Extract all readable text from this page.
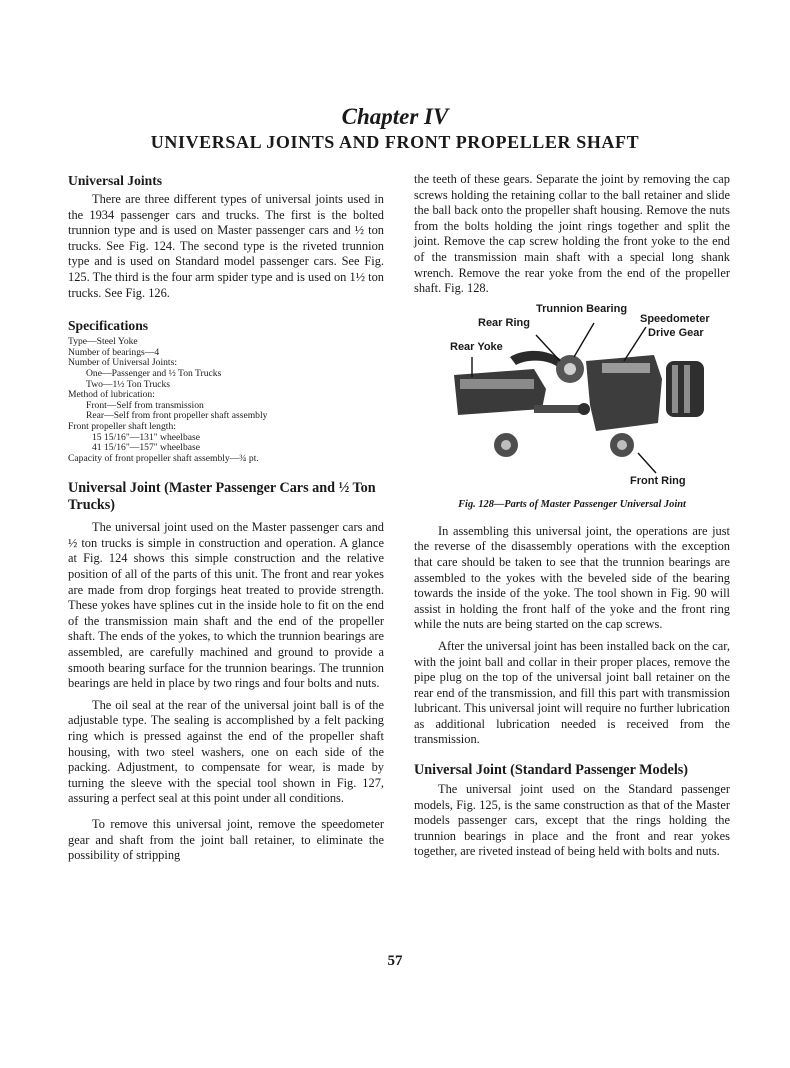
Chapter IV
UNIVERSAL JOINTS AND FRONT PROPELLER SHAFT
Universal Joints

There are three different types of universal joints used in the 1934 passenger cars and trucks. The first is the bolted trunnion type and is used on Master passenger cars and ½ ton trucks. See Fig. 124. The second type is the riveted trunnion type and is used on Standard model passenger cars. See Fig. 125. The third is the four arm spider type and is used on 1½ ton trucks. See Fig. 126.

Specifications
Type—Steel Yoke
Number of bearings—4
Number of Universal Joints:
One—Passenger and ½ Ton Trucks
Two—1½ Ton Trucks
Method of lubrication:
Front—Self from transmission
Rear—Self from front propeller shaft assembly
Front propeller shaft length:
15 15/16"—131" wheelbase
41 15/16"—157" wheelbase
Capacity of front propeller shaft assembly—¾ pt.
Universal Joint (Master Passenger Cars and ½ Ton Trucks)

The universal joint used on the Master passenger cars and ½ ton trucks is simple in construction and operation. A glance at Fig. 124 shows this simple construction and the relative position of all of the parts of this unit. The front and rear yokes are made from drop forgings heat treated to provide strength. These yokes have splines cut in the inside hole to fit on the end of the transmission main shaft and the end of the propeller shaft. The ends of the yokes, to which the trunnion bearings are assembled, are carefully machined and ground to provide a smooth bearing surface for the trunnion bearings. The trunnion bearings are held in place by two rings and four bolts and nuts.

The oil seal at the rear of the universal joint ball is of the adjustable type. The sealing is accomplished by a felt packing ring which is pressed against the end of the propeller shaft housing, with two steel washers, one on each side of the packing. Adjustment, to compensate for wear, is made by turning the sleeve with the special tool shown in Fig. 127, assuring a perfect seal at this point under all conditions.

To remove this universal joint, remove the speedometer gear and shaft from the joint ball retainer, to eliminate the possibility of stripping

the teeth of these gears. Separate the joint by removing the cap screws holding the retaining collar to the ball retainer and slide the ball back onto the propeller shaft housing. Remove the nuts from the bolts holding the joint rings together and split the joint. Remove the cap screw holding the front yoke to the end of the transmission main shaft with a special long shank wrench. Remove the rear yoke from the end of the propeller shaft. Fig. 128.

Trunnion Bearing
Rear Ring	Speedometer
Drive Gear
Rear Yoke
Front Ring
Fig. 128—Parts of Master Passenger Universal Joint

In assembling this universal joint, the operations are just the reverse of the disassembly operations with the exception that care should be taken to see that the trunnion bearings are assembled to the yokes with the beveled side of the bearing towards the inside of the yoke. The tool shown in Fig. 90 will assist in holding the front half of the yoke and the front ring while the nuts are being started on the cap screws.

After the universal joint has been installed back on the car, with the joint ball and collar in their proper places, remove the pipe plug on the top of the universal joint ball retainer on the rear end of the transmission, and fill this part with transmission lubricant. This universal joint will require no further lubrication as additional lubrication needed is received from the transmission.

Universal Joint (Standard Passenger Models)

The universal joint used on the Standard passenger models, Fig. 125, is the same construction as that of the Master models passenger cars, except that the rings holding the trunnion bearings in place and the front and rear yokes together, are riveted instead of being held with bolts and nuts.

57
